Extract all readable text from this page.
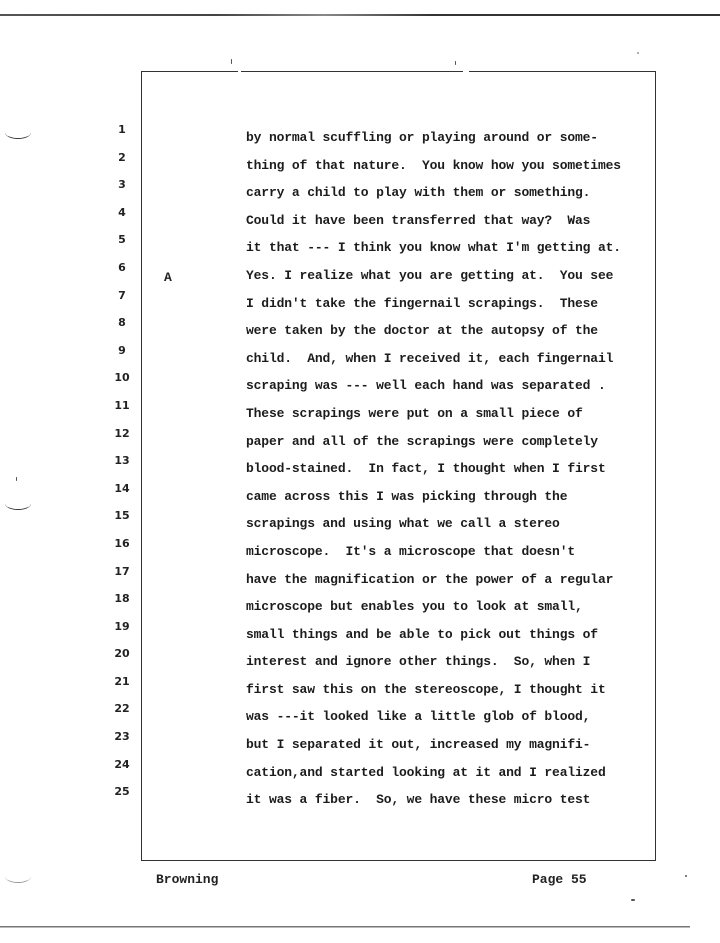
1
2
3
4
5
6
7
8
9
10
11
12
13
14
15
16
17
18
19
20
21
22
23
24
25
A
by normal scuffling or playing around or some-
thing of that nature.  You know how you sometimes
carry a child to play with them or something.
Could it have been transferred that way?  Was
it that --- I think you know what I'm getting at.
Yes. I realize what you are getting at.  You see
I didn't take the fingernail scrapings.  These
were taken by the doctor at the autopsy of the
child.  And, when I received it, each fingernail
scraping was --- well each hand was separated .
These scrapings were put on a small piece of
paper and all of the scrapings were completely
blood-stained.  In fact, I thought when I first
came across this I was picking through the
scrapings and using what we call a stereo
microscope.  It's a microscope that doesn't
have the magnification or the power of a regular
microscope but enables you to look at small,
small things and be able to pick out things of
interest and ignore other things.  So, when I
first saw this on the stereoscope, I thought it
was ---it looked like a little glob of blood,
but I separated it out, increased my magnifi-
cation,and started looking at it and I realized
it was a fiber.  So, we have these micro test
Browning	Page 55
